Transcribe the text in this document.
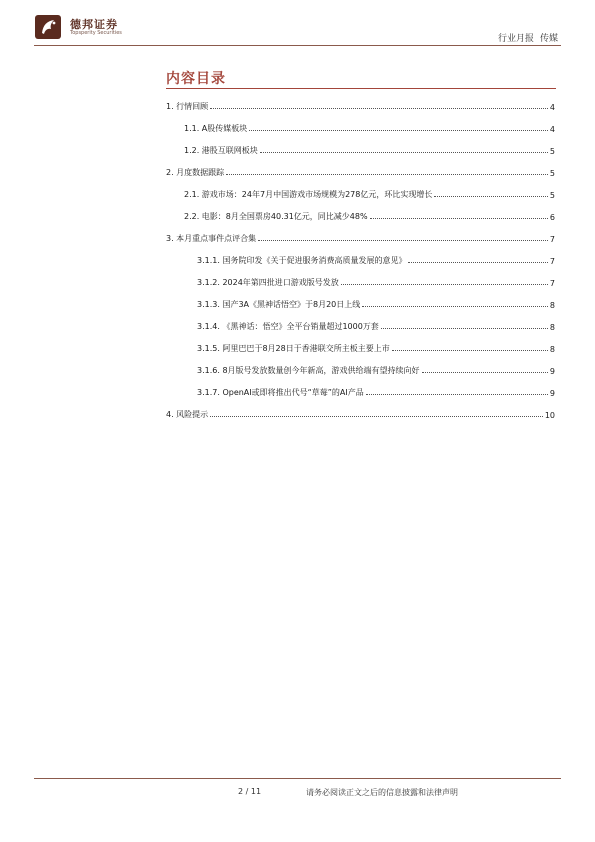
德邦证券
Topsperity Securities
行业月报 传媒
内容目录
1. 行情回顾	4
1.1. A股传媒板块	4
1.2. 港股互联网板块	5
2. 月度数据跟踪	5
2.1. 游戏市场：24年7月中国游戏市场规模为278亿元，环比实现增长	5
2.2. 电影：8月全国票房40.31亿元，同比减少48%	6
3. 本月重点事件点评合集	7
3.1.1. 国务院印发《关于促进服务消费高质量发展的意见》	7
3.1.2. 2024年第四批进口游戏版号发放	7
3.1.3. 国产3A《黑神话悟空》于8月20日上线	8
3.1.4. 《黑神话：悟空》全平台销量超过1000万套	8
3.1.5. 阿里巴巴于8月28日于香港联交所主板主要上市	8
3.1.6. 8月版号发放数量创今年新高，游戏供给端有望持续向好	9
3.1.7. OpenAI或即将推出代号“草莓”的AI产品	9
4. 风险提示	10
2 / 11	请务必阅读正文之后的信息披露和法律声明
